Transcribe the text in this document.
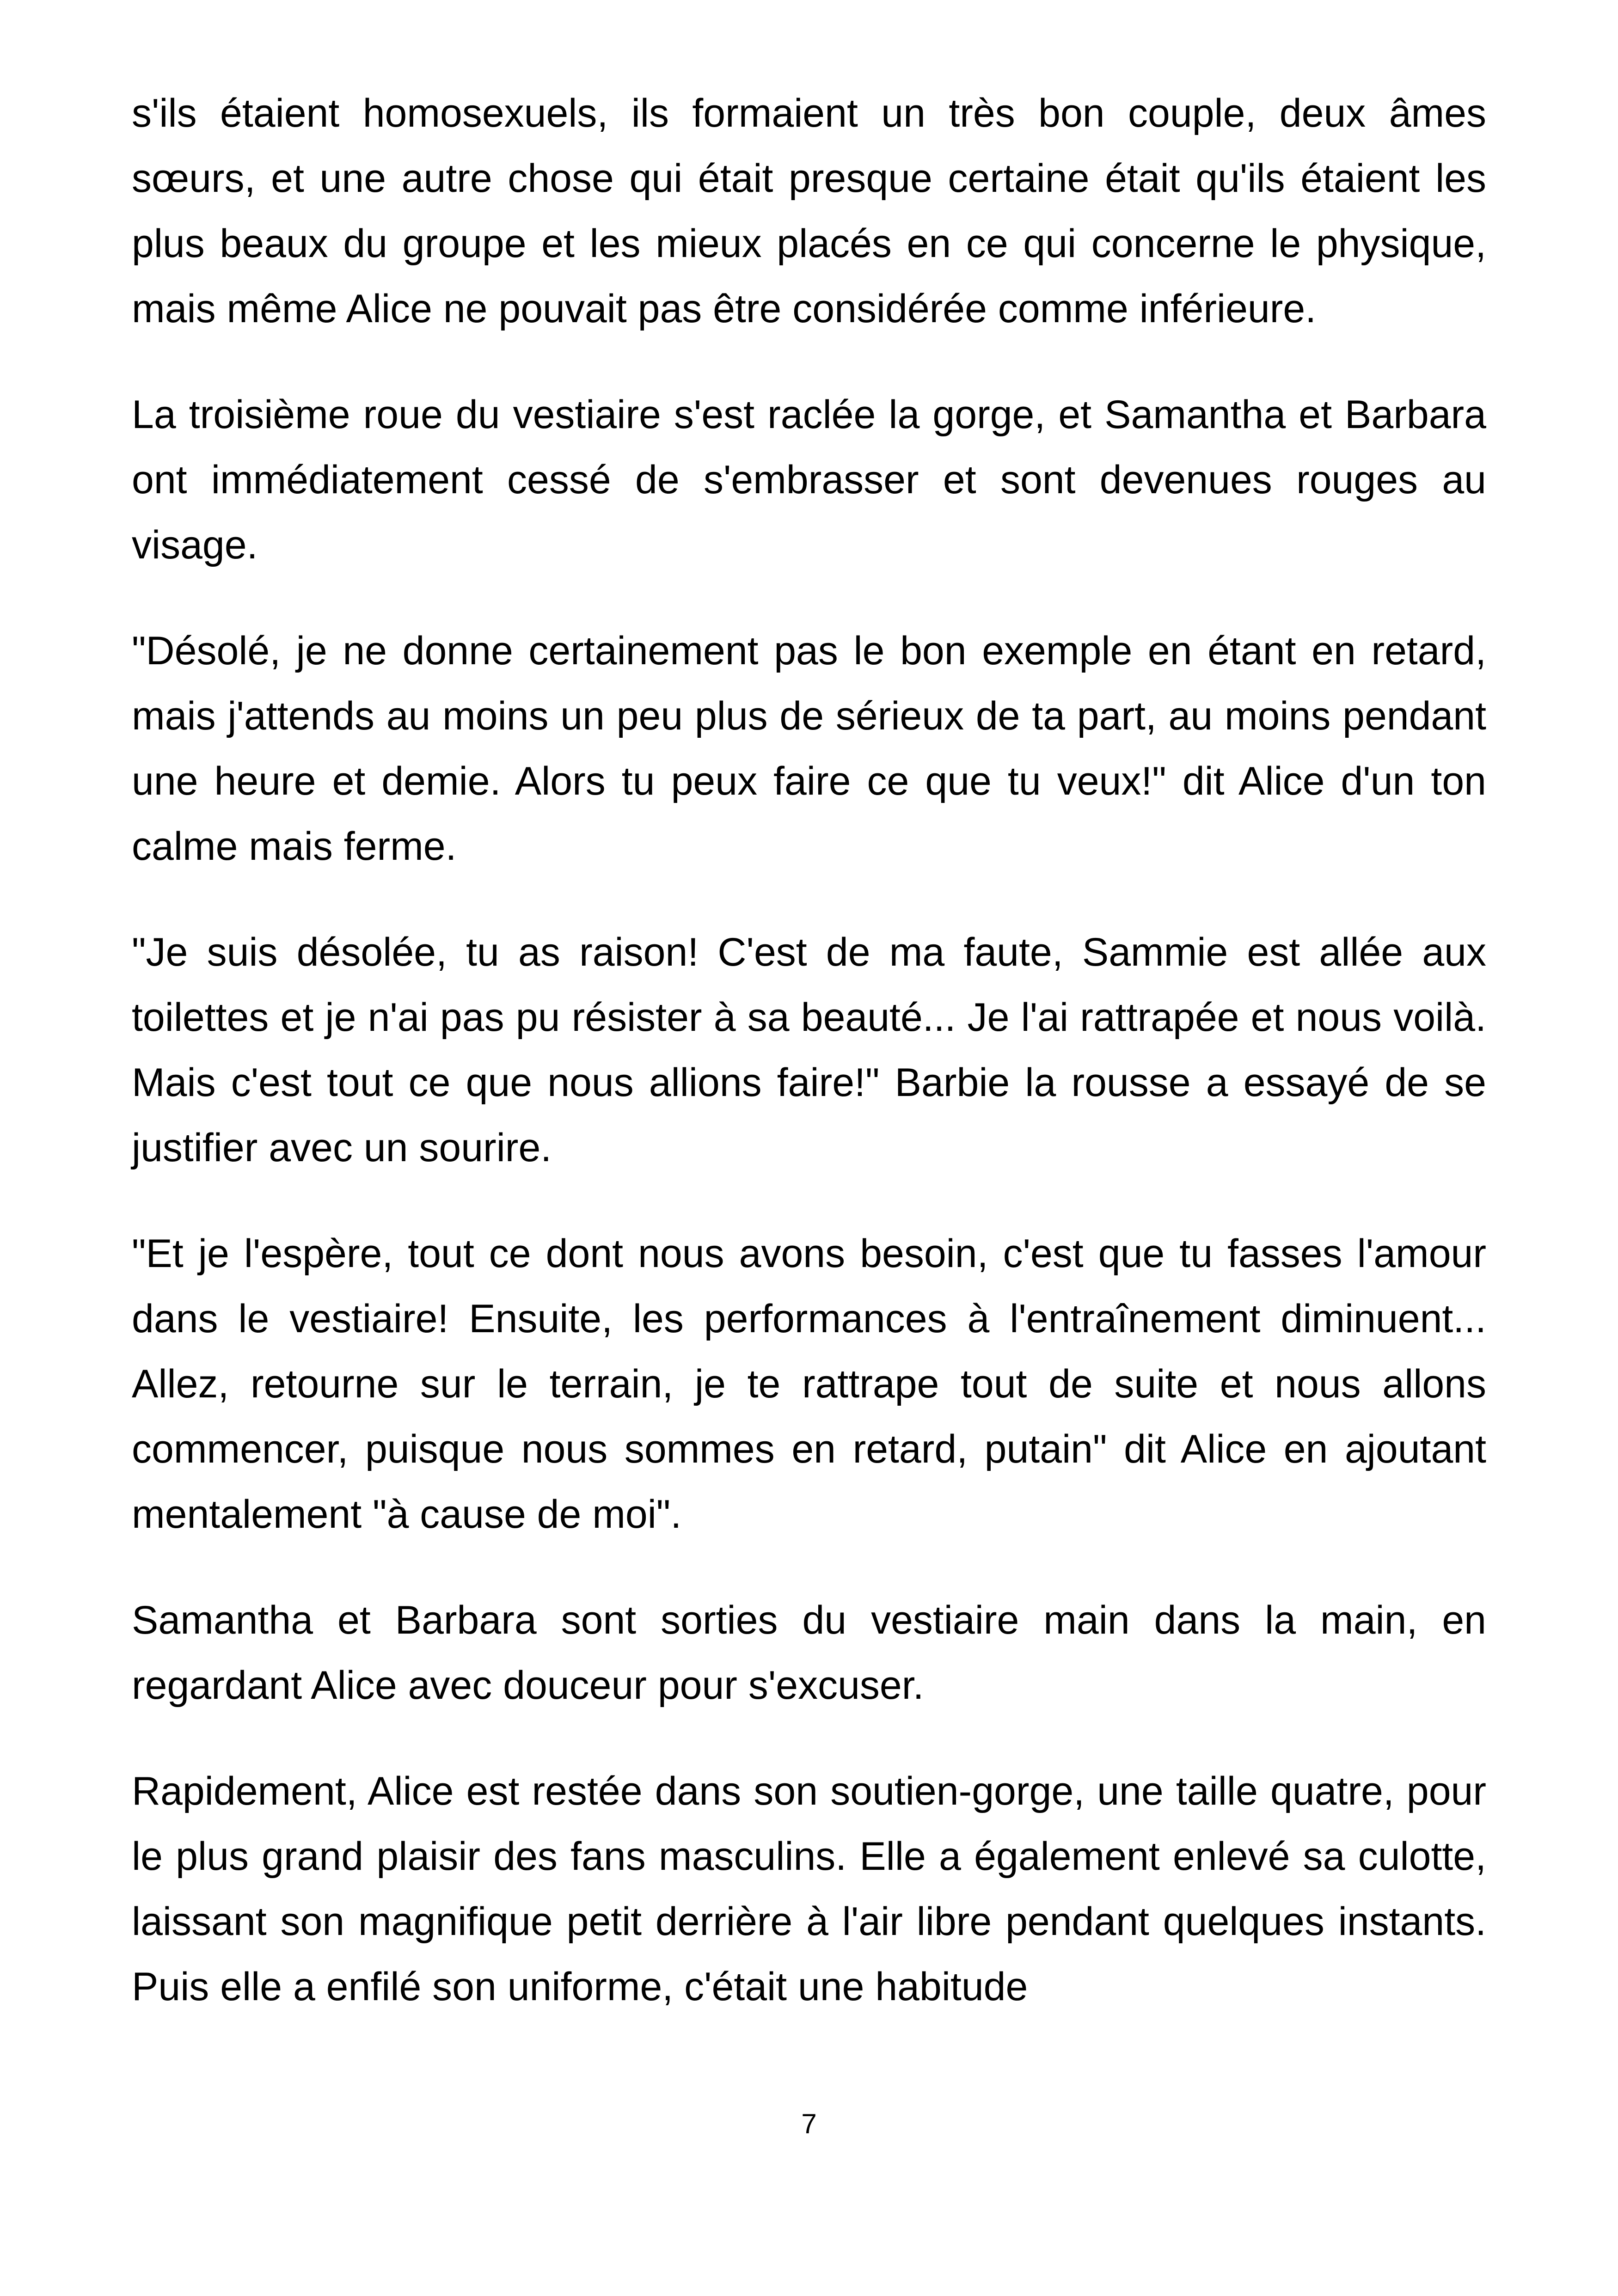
s'ils étaient homosexuels, ils formaient un très bon couple, deux âmes sœurs, et une autre chose qui était presque certaine était qu'ils étaient les plus beaux du groupe et les mieux placés en ce qui concerne le physique, mais même Alice ne pouvait pas être considérée comme inférieure.

La troisième roue du vestiaire s'est raclée la gorge, et Samantha et Barbara ont immédiatement cessé de s'embrasser et sont devenues rouges au visage.

"Désolé, je ne donne certainement pas le bon exemple en étant en retard, mais j'attends au moins un peu plus de sérieux de ta part, au moins pendant une heure et demie. Alors tu peux faire ce que tu veux!" dit Alice d'un ton calme mais ferme.

"Je suis désolée, tu as raison! C'est de ma faute, Sammie est allée aux toilettes et je n'ai pas pu résister à sa beauté... Je l'ai rattrapée et nous voilà. Mais c'est tout ce que nous allions faire!" Barbie la rousse a essayé de se justifier avec un sourire.

"Et je l'espère, tout ce dont nous avons besoin, c'est que tu fasses l'amour dans le vestiaire! Ensuite, les performances à l'entraînement diminuent... Allez, retourne sur le terrain, je te rattrape tout de suite et nous allons commencer, puisque nous sommes en retard, putain" dit Alice en ajoutant mentalement "à cause de moi".

Samantha et Barbara sont sorties du vestiaire main dans la main, en regardant Alice avec douceur pour s'excuser.

Rapidement, Alice est restée dans son soutien-gorge, une taille quatre, pour le plus grand plaisir des fans masculins. Elle a également enlevé sa culotte, laissant son magnifique petit derrière à l'air libre pendant quelques instants. Puis elle a enfilé son uniforme, c'était une habitude

7
